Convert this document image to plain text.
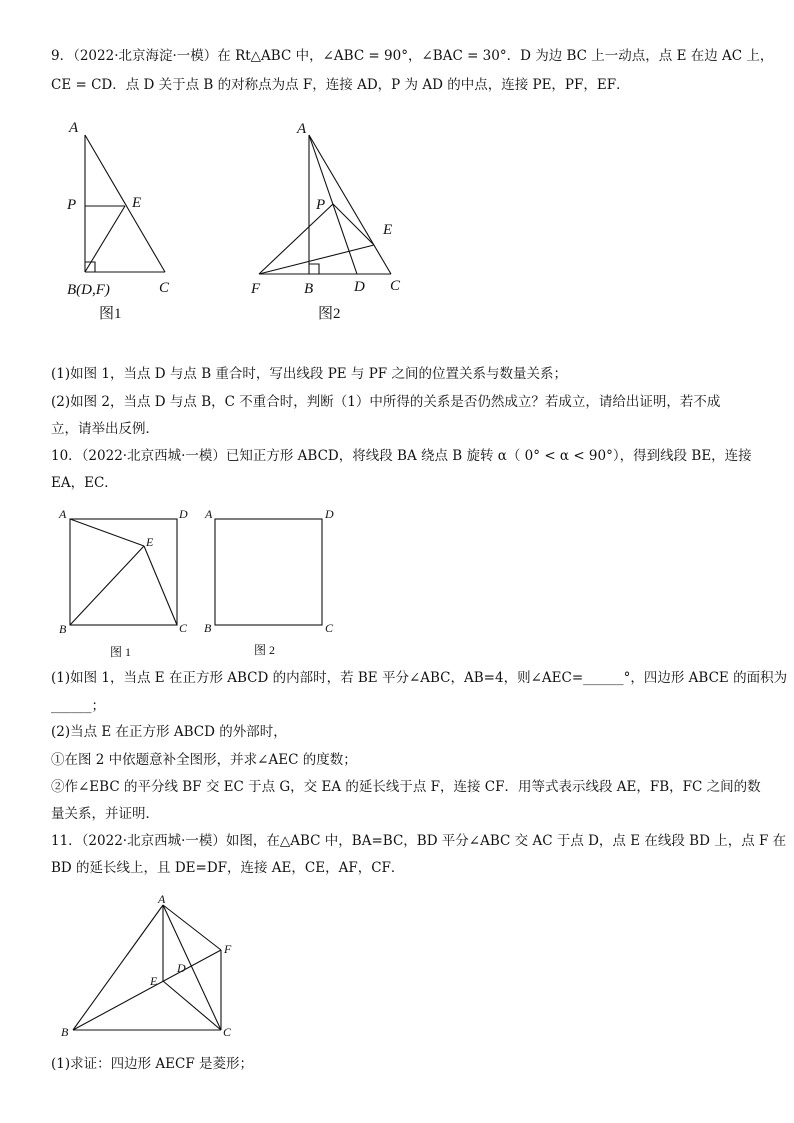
9．（2022·北京海淀·一模）在 Rt△ABC 中，∠ABC = 90°，∠BAC = 30°．D 为边 BC 上一动点，点 E 在边 AC 上，
CE = CD．点 D 关于点 B 的对称点为点 F，连接 AD，P 为 AD 的中点，连接 PE，PF，EF．
A
P	E
B(D,F)	C
图1
A
P
E
F	B	D C
图2
(1)如图 1，当点 D 与点 B 重合时，写出线段 PE 与 PF 之间的位置关系与数量关系；
(2)如图 2，当点 D 与点 B，C 不重合时，判断（1）中所得的关系是否仍然成立？若成立，请给出证明，若不成
立，请举出反例．
10．（2022·北京西城·一模）已知正方形 ABCD，将线段 BA 绕点 B 旋转 α（ 0° < α < 90°），得到线段 BE，连接
EA，EC．
A	D
E
B	C
图 1
A	D
B	C
图 2
(1)如图 1，当点 E 在正方形 ABCD 的内部时，若 BE 平分∠ABC，AB=4，则∠AEC=______°，四边形 ABCE 的面积为
______；
(2)当点 E 在正方形 ABCD 的外部时，
①在图 2 中依题意补全图形，并求∠AEC 的度数；
②作∠EBC 的平分线 BF 交 EC 于点 G，交 EA 的延长线于点 F，连接 CF．用等式表示线段 AE，FB，FC 之间的数
量关系，并证明．
11．（2022·北京西城·一模）如图，在△ABC 中，BA=BC，BD 平分∠ABC 交 AC 于点 D，点 E 在线段 BD 上，点 F 在
BD 的延长线上，且 DE=DF，连接 AE，CE，AF，CF．
A
F
D
E
B	C
(1)求证：四边形 AECF 是菱形；
